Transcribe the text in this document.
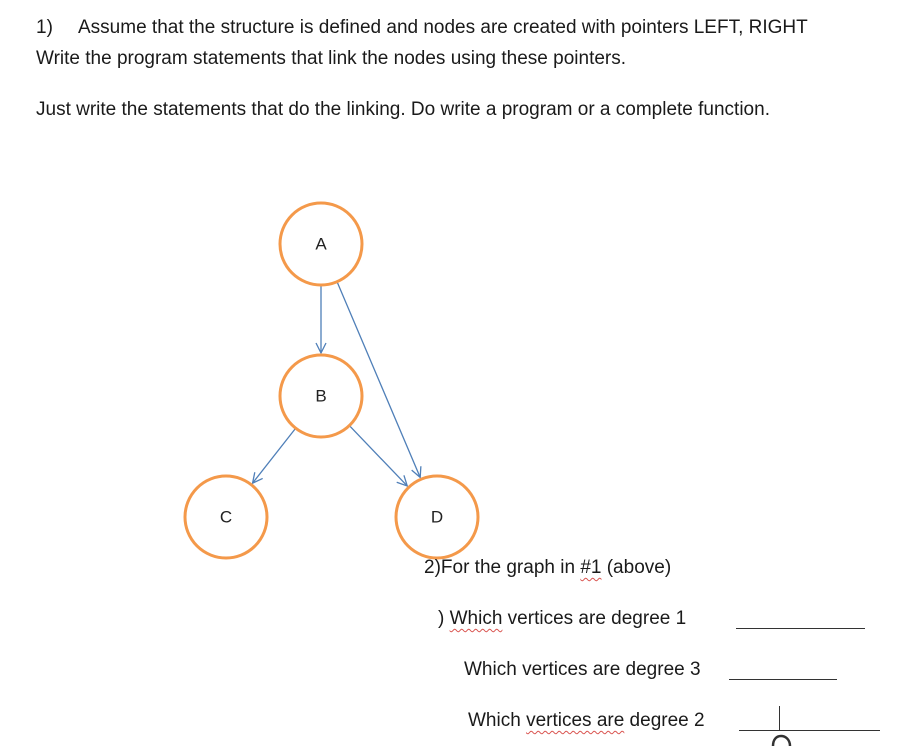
1) Assume that the structure is defined and nodes are created with pointers LEFT, RIGHT
Write the program statements that link the nodes using these pointers.
Just write the statements that do the linking. Do write a program or a complete function.
A
B
C	D
2)For the graph in #1 (above)
) Which vertices are degree 1
Which vertices are degree 3
Which vertices are degree 2
